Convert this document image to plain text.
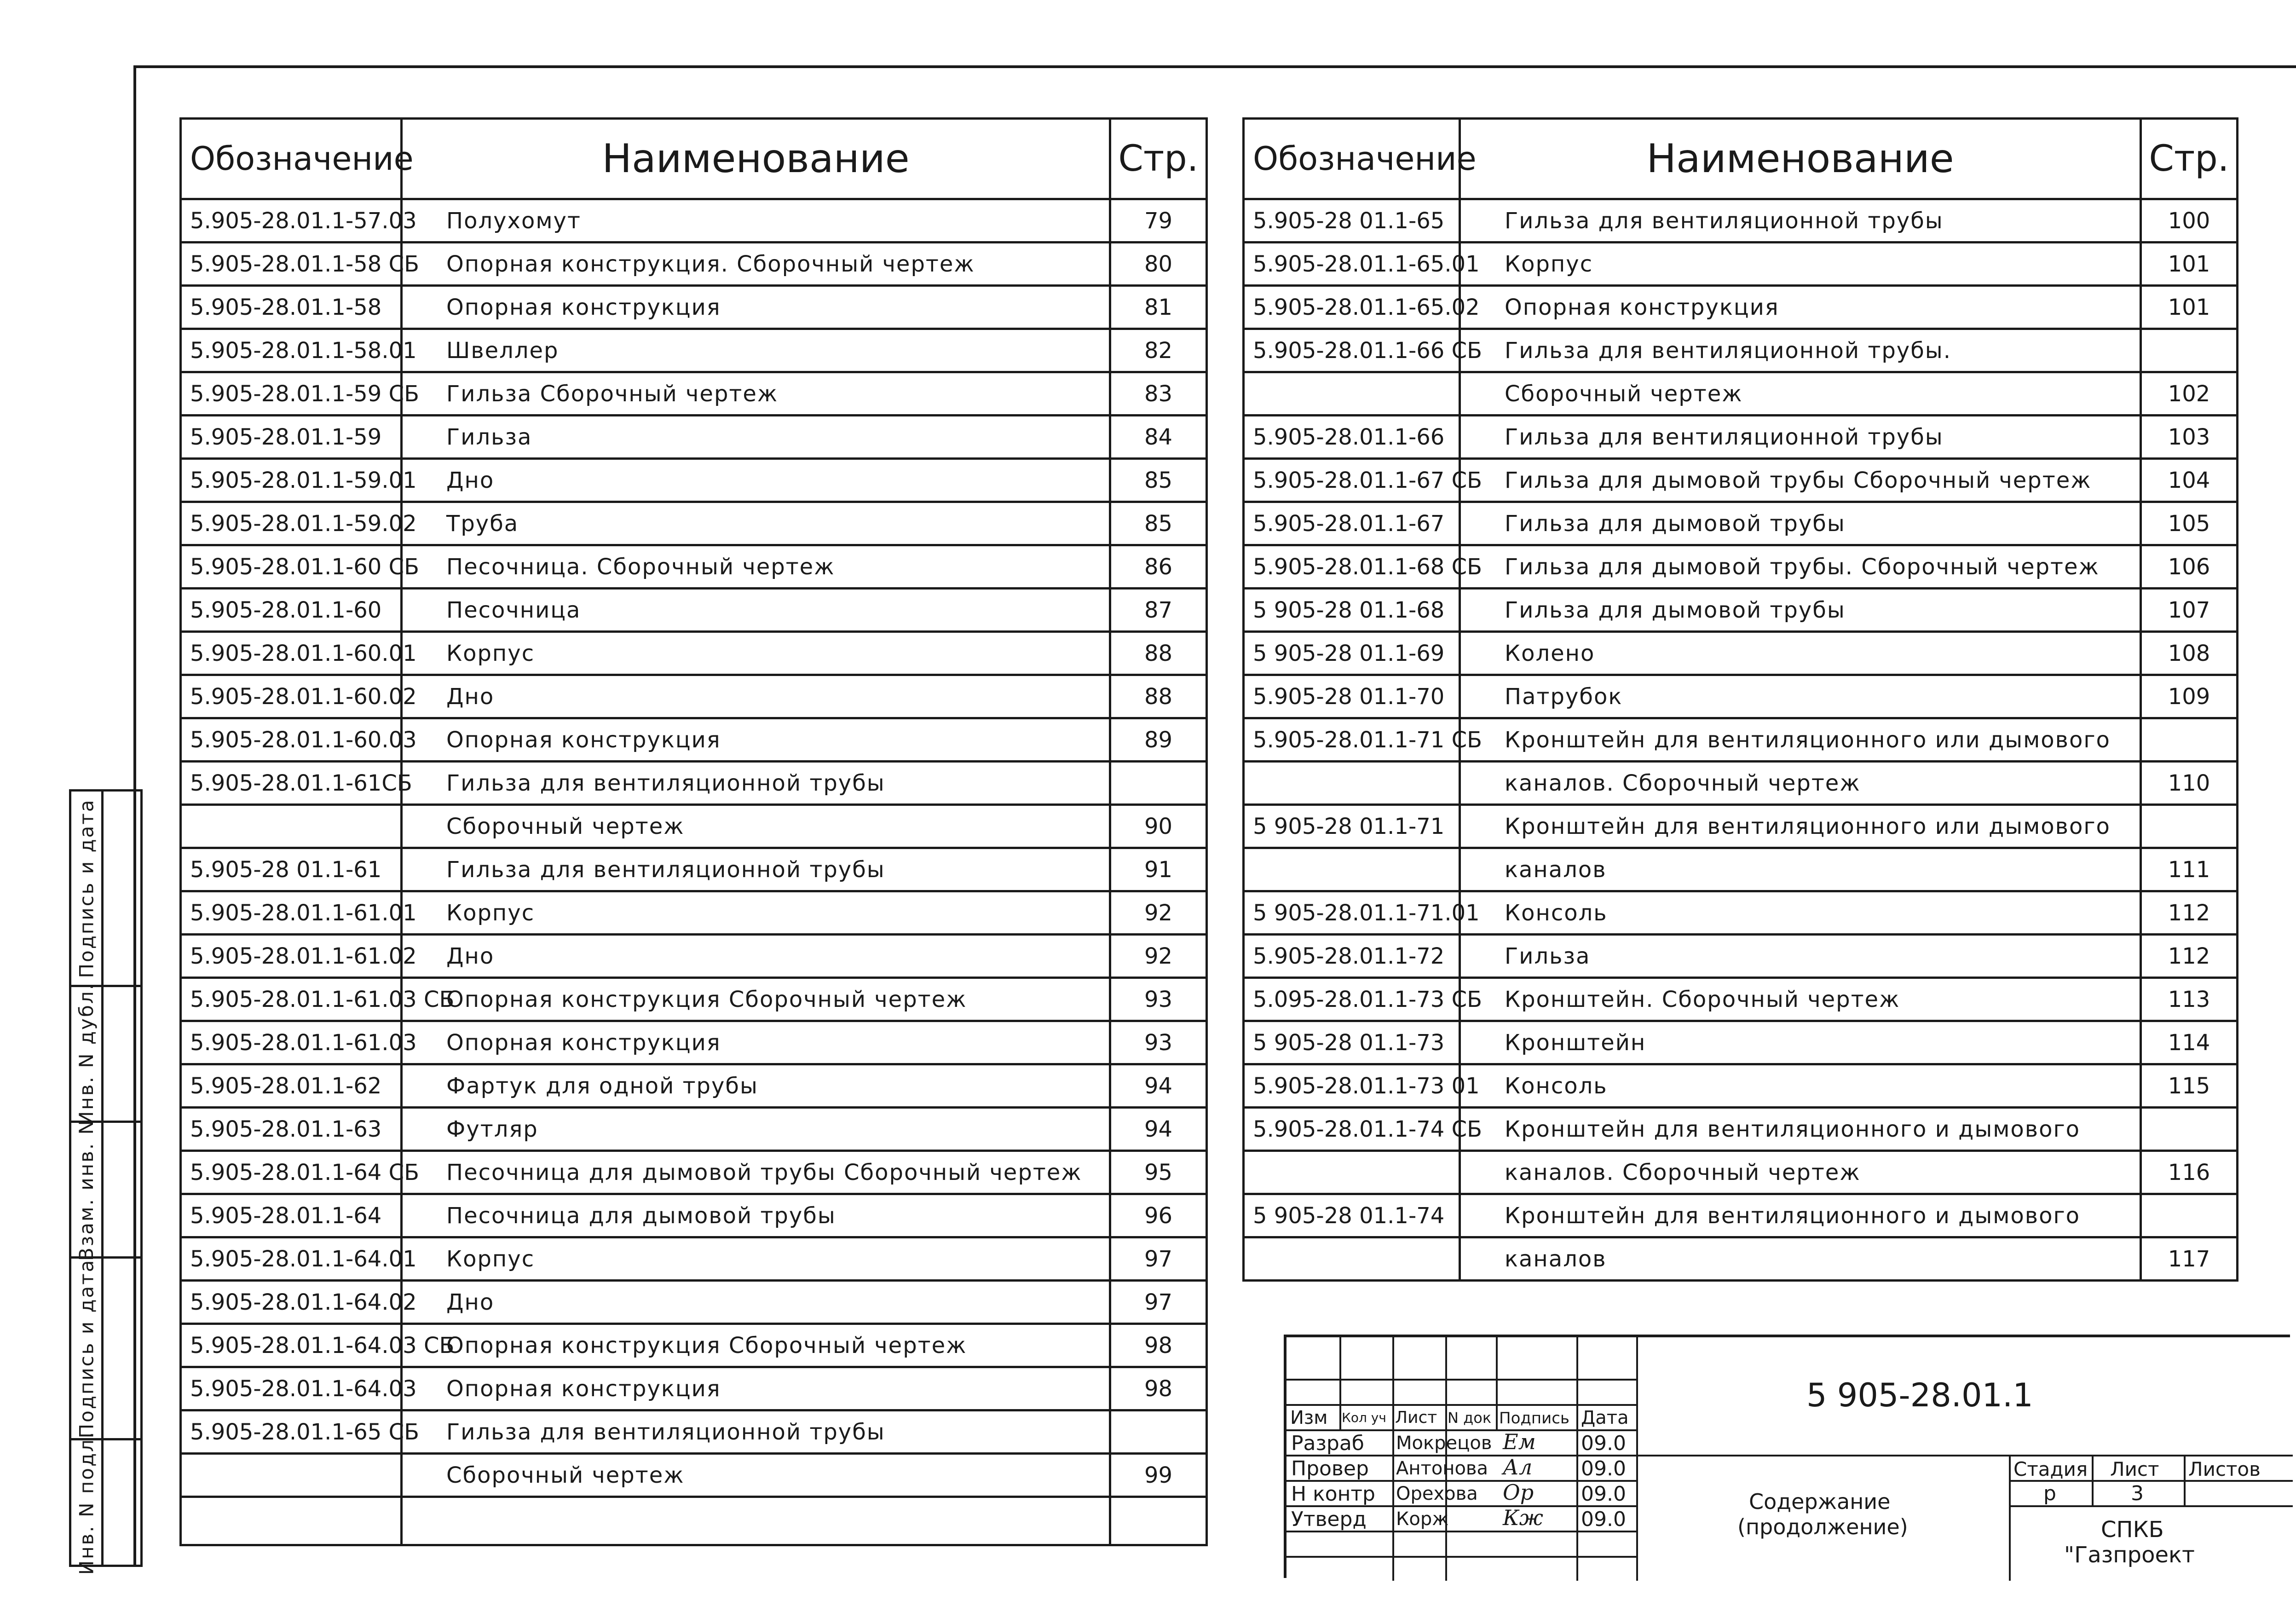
Обозначение	Наименование	Стр.
5.905-28.01.1-57.03	Полухомут	79
5.905-28.01.1-58 СБ	Опорная конструкция. Сборочный чертеж	80
5.905-28.01.1-58	Опорная конструкция	81
5.905-28.01.1-58.01	Швеллер	82
5.905-28.01.1-59 СБ	Гильза Сборочный чертеж	83
5.905-28.01.1-59	Гильза	84
5.905-28.01.1-59.01	Дно	85
5.905-28.01.1-59.02	Труба	85
5.905-28.01.1-60 СБ	Песочница. Сборочный чертеж	86
5.905-28.01.1-60	Песочница	87
5.905-28.01.1-60.01	Корпус	88
5.905-28.01.1-60.02	Дно	88
5.905-28.01.1-60.03	Опорная конструкция	89
5.905-28.01.1-61СБ	Гильза для вентиляционной трубы	
	Сборочный чертеж	90
5.905-28 01.1-61	Гильза для вентиляционной трубы	91
5.905-28.01.1-61.01	Корпус	92
5.905-28.01.1-61.02	Дно	92
5.905-28.01.1-61.03 СБ	Опорная конструкция Сборочный чертеж	93
5.905-28.01.1-61.03	Опорная конструкция	93
5.905-28.01.1-62	Фартук для одной трубы	94
5.905-28.01.1-63	Футляр	94
5.905-28.01.1-64 СБ	Песочница для дымовой трубы Сборочный чертеж	95
5.905-28.01.1-64	Песочница для дымовой трубы	96
5.905-28.01.1-64.01	Корпус	97
5.905-28.01.1-64.02	Дно	97
5.905-28.01.1-64.03 СБ	Опорная конструкция Сборочный чертеж	98
5.905-28.01.1-64.03	Опорная конструкция	98
5.905-28.01.1-65 СБ	Гильза для вентиляционной трубы	
	Сборочный чертеж	99

Обозначение	Наименование	Стр.
5.905-28 01.1-65	Гильза для вентиляционной трубы	100
5.905-28.01.1-65.01	Корпус	101
5.905-28.01.1-65.02	Опорная конструкция	101
5.905-28.01.1-66 СБ	Гильза для вентиляционной трубы.	
	Сборочный чертеж	102
5.905-28.01.1-66	Гильза для вентиляционной трубы	103
5.905-28.01.1-67 СБ	Гильза для дымовой трубы Сборочный чертеж	104
5.905-28.01.1-67	Гильза для дымовой трубы	105
5.905-28.01.1-68 СБ	Гильза для дымовой трубы. Сборочный чертеж	106
5 905-28 01.1-68	Гильза для дымовой трубы	107
5 905-28 01.1-69	Колено	108
5.905-28 01.1-70	Патрубок	109
5.905-28.01.1-71 СБ	Кронштейн для вентиляционного или дымового	
	каналов. Сборочный чертеж	110
5 905-28 01.1-71	Кронштейн для вентиляционного или дымового	
	каналов	111
5 905-28.01.1-71.01	Консоль	112
5.905-28.01.1-72	Гильза	112
5.095-28.01.1-73 СБ	Кронштейн. Сборочный чертеж	113
5 905-28 01.1-73	Кронштейн	114
5.905-28.01.1-73 01	Консоль	115
5.905-28.01.1-74 СБ	Кронштейн для вентиляционного и дымового	
	каналов. Сборочный чертеж	116
5 905-28 01.1-74	Кронштейн для вентиляционного и дымового	
	каналов	117
Подпись и дата
Инв. N дубл.
Взам. инв. N
Подпись и дата
Инв. N подл.
Изм Кол уч Лист N док Подпись Дата
Разраб Мокрецов Ем 09.0
Провер Антонова Ал 09.0
Н контр Орехова Ор 09.0
Утверд Корж	Кж 09.0
5 905-28.01.1
Содержание
(продолжение)
Стадия Лист Листов
р	3
СПКБ
"Газпроект
